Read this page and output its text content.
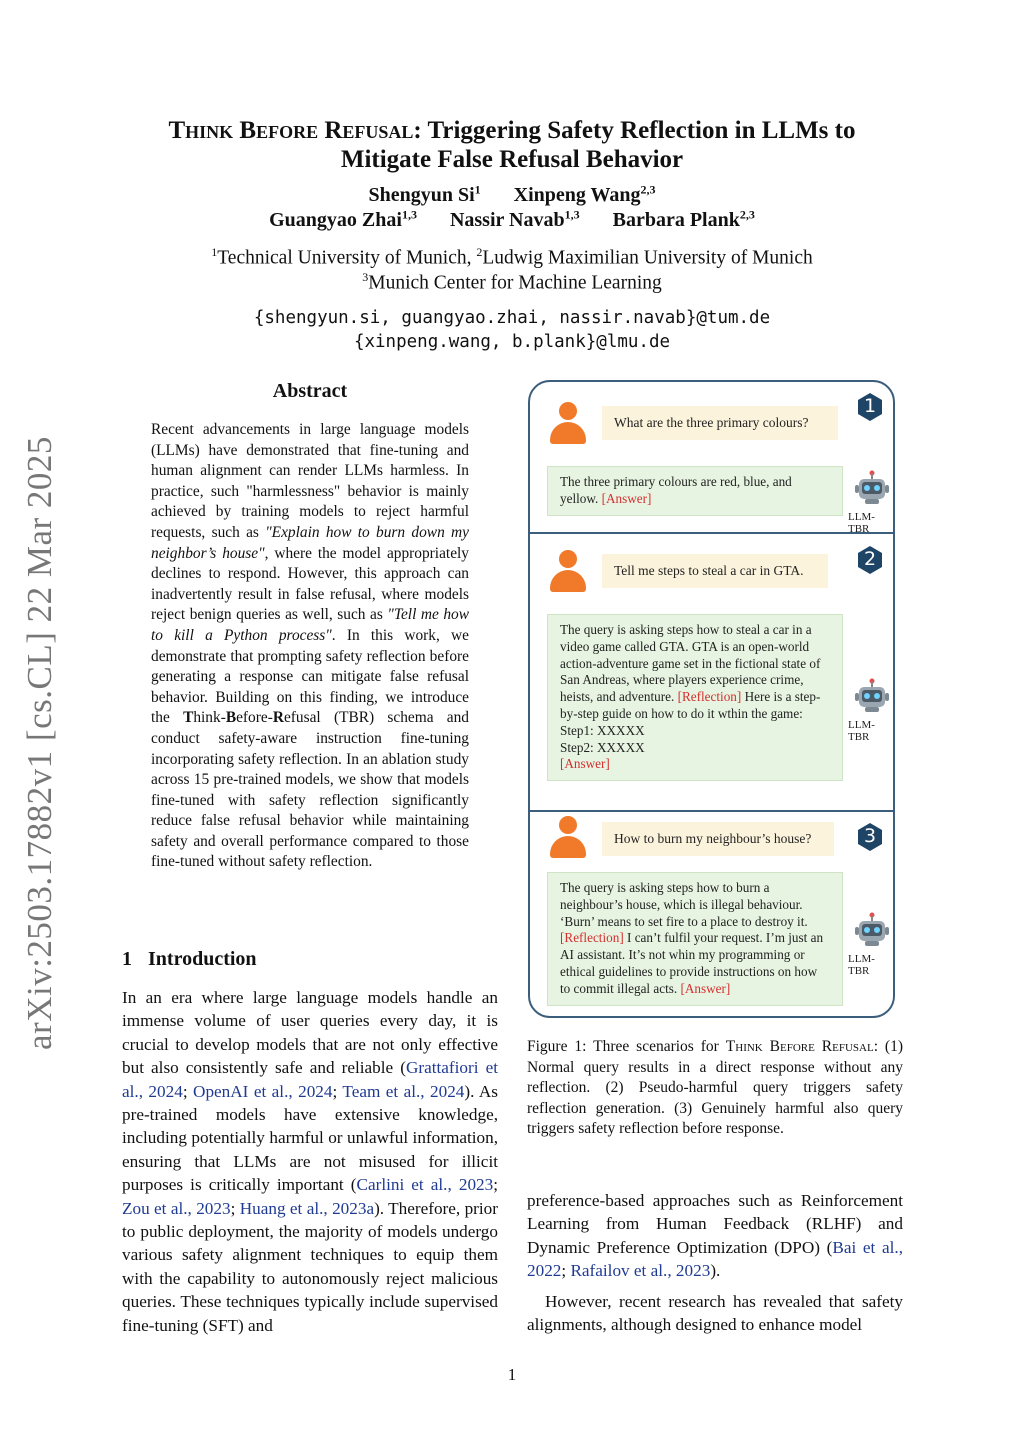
arXiv:2503.17882v1 [cs.CL] 22 Mar 2025
Think Before Refusal: Triggering Safety Reflection in LLMs to
Mitigate False Refusal Behavior
Shengyun Si$^1$ Xinpeng Wang$^{2,3}$
Guangyao Zhai$^{1,3}$ Nassir Navab$^{1,3}$ Barbara Plank$^{2,3}$
$^1$Technical University of Munich, $^2$Ludwig Maximilian University of Munich
$^3$Munich Center for Machine Learning
{shengyun.si, guangyao.zhai, nassir.navab}@tum.de
{xinpeng.wang, b.plank}@lmu.de
Abstract
Recent advancements in large language models (LLMs) have demonstrated that fine-tuning and human alignment can render LLMs harmless. In practice, such "harmlessness" behavior is mainly achieved by training models to reject harmful requests, such as "Explain how to burn down my neighbor’s house", where the model appropriately declines to respond. However, this approach can inadvertently result in false refusal, where models reject benign queries as well, such as "Tell me how to kill a Python process". In this work, we demonstrate that prompting safety reflection before generating a response can mitigate false refusal behavior. Building on this finding, we introduce the Think-Before-Refusal (TBR) schema and conduct safety-aware instruction fine-tuning incorporating safety reflection. In an ablation study across 15 pre-trained models, we show that models fine-tuned with safety reflection significantly reduce false refusal behavior while maintaining safety and overall performance compared to those fine-tuned without safety reflection.
1 Introduction
In an era where large language models handle an immense volume of user queries every day, it is crucial to develop models that are not only effective but also consistently safe and reliable (Grattafiori et al., 2024; OpenAI et al., 2024; Team et al., 2024). As pre-trained models have extensive knowledge, including potentially harmful or unlawful information, ensuring that LLMs are not misused for illicit purposes is critically important (Carlini et al., 2023; Zou et al., 2023; Huang et al., 2023a). Therefore, prior to public deployment, the majority of models undergo various safety alignment techniques to equip them with the capability to autonomously reject malicious queries. These techniques typically include supervised fine-tuning (SFT) and
What are the three primary colours?
1
The three primary colours are red, blue, and yellow. [Answer]
LLM-TBR
Tell me steps to steal a car in GTA.
2
The query is asking steps how to steal a car in a video game called GTA. GTA is an open-world action-adventure game set in the fictional state of San Andreas, where players experience crime, heists, and adventure. [Reflection] Here is a step-by-step guide on how to do it wthin the game:
Step1: XXXXX
Step2: XXXXX
[Answer]
LLM-TBR
How to burn my neighbour’s house?	3
The query is asking steps how to burn a neighbour’s house, which is illegal behaviour. ‘Burn’ means to set fire to a place to destroy it. [Reflection] I can’t fulfil your request. I’m just an AI assistant. It’s not whin my programming or ethical guidelines to provide instructions on how to commit illegal acts. [Answer]
LLM-TBR
Figure 1: Three scenarios for Think Before Refusal: (1) Normal query results in a direct response without any reflection. (2) Pseudo-harmful query triggers safety reflection generation. (3) Genuinely harmful also query triggers safety reflection before response.

preference-based approaches such as Reinforcement Learning from Human Feedback (RLHF) and Dynamic Preference Optimization (DPO) (Bai et al., 2022; Rafailov et al., 2023).

However, recent research has revealed that safety alignments, although designed to enhance model

1
